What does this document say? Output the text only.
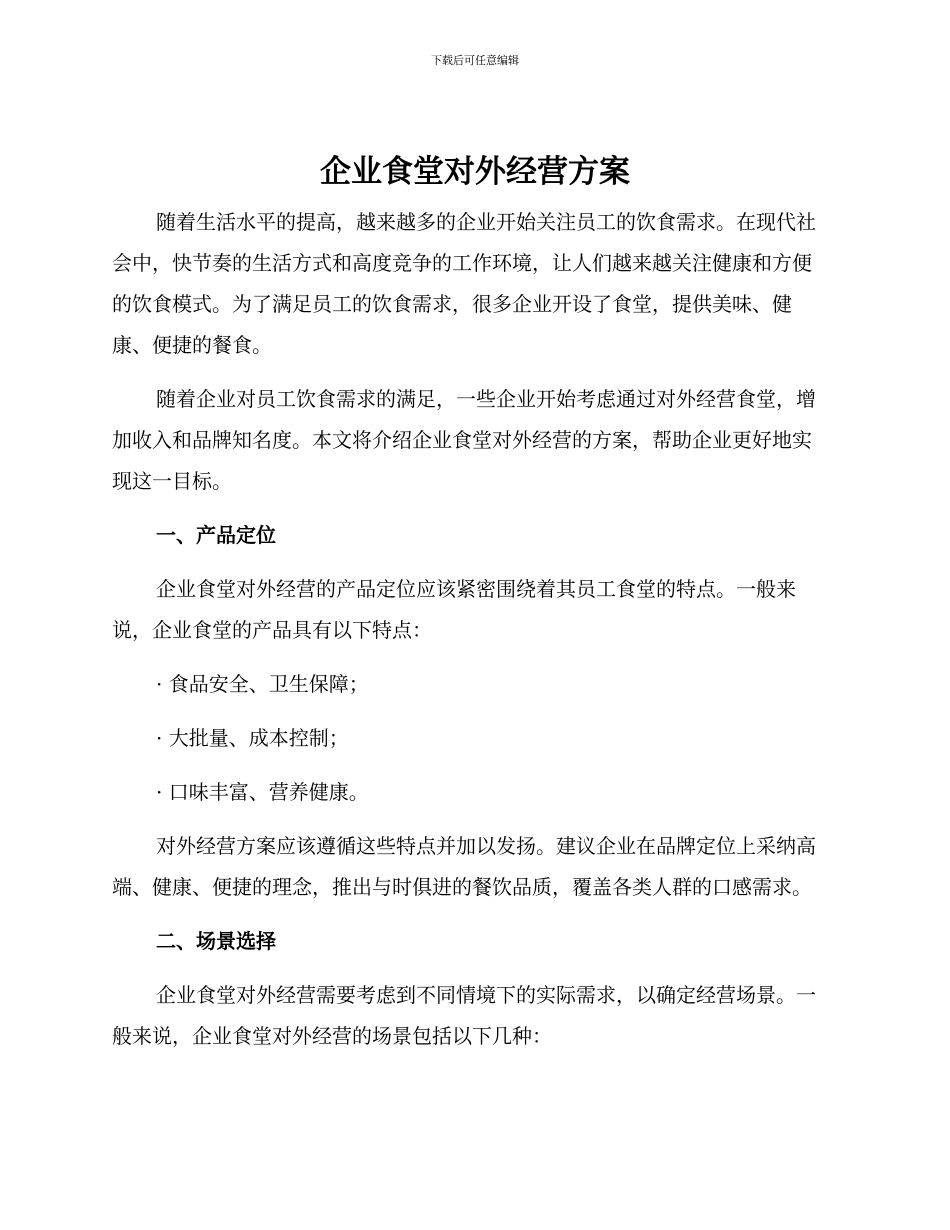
下载后可任意编辑
企业食堂对外经营方案

随着生活水平的提高，越来越多的企业开始关注员工的饮食需求。在现代社会中，快节奏的生活方式和高度竞争的工作环境，让人们越来越关注健康和方便的饮食模式。为了满足员工的饮食需求，很多企业开设了食堂，提供美味、健康、便捷的餐食。

随着企业对员工饮食需求的满足，一些企业开始考虑通过对外经营食堂，增加收入和品牌知名度。本文将介绍企业食堂对外经营的方案，帮助企业更好地实现这一目标。

一、产品定位

企业食堂对外经营的产品定位应该紧密围绕着其员工食堂的特点。一般来说，企业食堂的产品具有以下特点：

· 食品安全、卫生保障；

· 大批量、成本控制；

· 口味丰富、营养健康。

对外经营方案应该遵循这些特点并加以发扬。建议企业在品牌定位上采纳高端、健康、便捷的理念，推出与时俱进的餐饮品质，覆盖各类人群的口感需求。

二、场景选择

企业食堂对外经营需要考虑到不同情境下的实际需求，以确定经营场景。一般来说，企业食堂对外经营的场景包括以下几种：
